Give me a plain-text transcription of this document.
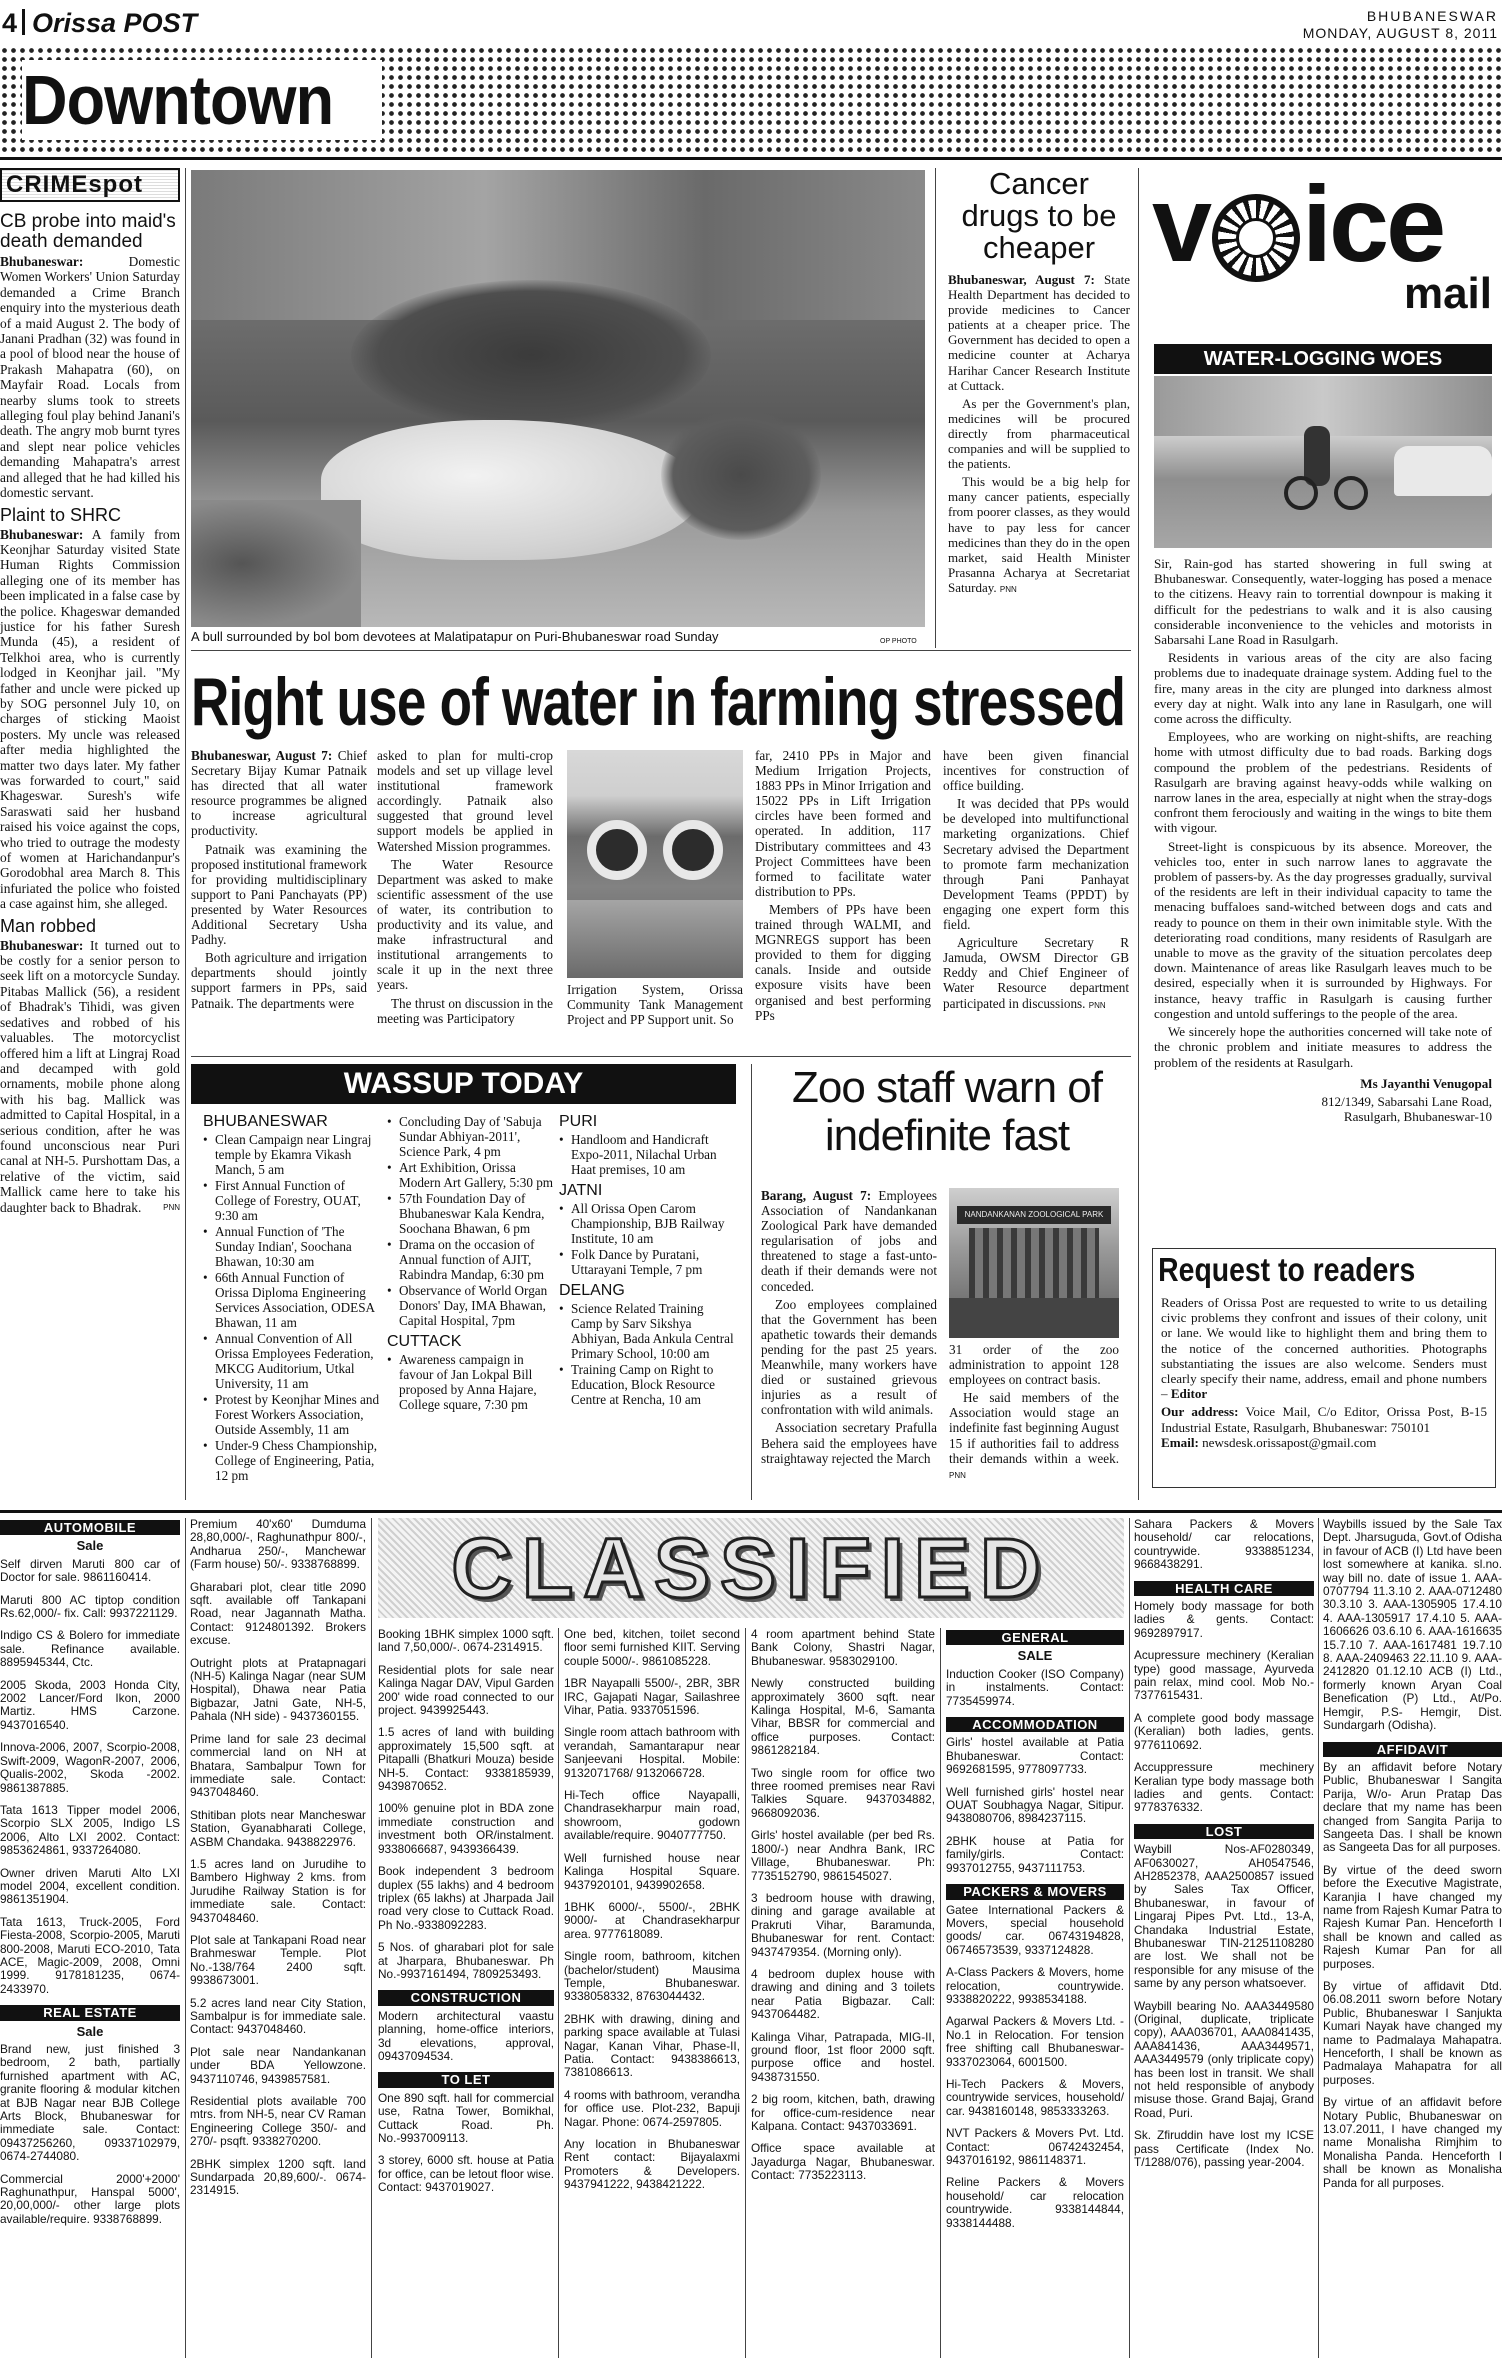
4 Orissa POST	BHUBANESWAR
MONDAY, AUGUST 8, 2011
Downtown
CRIMEspot
CB probe into maid's death demanded

Bhubaneswar:	Domestic Women Workers' Union Saturday demanded a Crime Branch enquiry into the mysterious death of a maid August 2. The body of Janani Pradhan (32) was found in a pool of blood near the house of Prakash Mahapatra (60), on Mayfair Road. Locals from nearby slums took to streets alleging foul play behind Janani's death. The angry mob burnt tyres and slept near police vehicles demanding Mahapatra's arrest and alleged that he had killed his domestic servant.

Plaint to SHRC

Bhubaneswar: A family from Keonjhar Saturday visited State Human Rights Commission alleging one of its member has been implicated in a false case by the police. Khageswar demanded justice for his father Suresh Munda (45), a resident of Telkhoi area, who is currently lodged in Keonjhar jail. "My father and uncle were picked up by SOG personnel July 10, on charges of sticking Maoist posters. My uncle was released after media highlighted the matter two days later. My father was forwarded to court," said Khageswar. Suresh's wife Saraswati said her husband raised his voice against the cops, who tried to outrage the modesty of women at Harichandanpur's Gorodobhal area March 8. This infuriated the police who foisted a case against him, she alleged.

Man robbed

Bhubaneswar: It turned out to be costly for a senior person to seek lift on a motorcycle Sunday. Pitabas Mallick (56), a resident of Bhadrak's Tihidi, was given sedatives and robbed of his valuables. The motorcyclist offered him a lift at Lingraj Road and decamped with gold ornaments, mobile phone along with his bag. Mallick was admitted to Capital Hospital, in a serious condition, after he was found unconscious near Puri canal at NH-5. Purshottam Das, a relative of the victim, said Mallick came here to take his daughter back to Bhadrak.	PNN

A bull surrounded by bol bom devotees at Malatipatapur on Puri-Bhubaneswar road Sunday	OP PHOTO
Cancer drugs to be cheaper

Bhubaneswar, August 7: State Health Department has decided to provide medicines to Cancer patients at a cheaper price. The Government has decided to open a medicine counter at Acharya Harihar Cancer Research Institute at Cuttack.

As per the Government's plan, medicines will be procured directly from pharmaceutical companies and will be supplied to the patients.

This would be a big help for many cancer patients, especially from poorer classes, as they would have to pay less for cancer medicines than they do in the open market, said Health Minister Prasanna Acharya at Secretariat Saturday. PNN

Right use of water in farming stressed

Bhubaneswar, August 7: Chief Secretary Bijay Kumar Patnaik has directed that all water resource programmes be aligned to increase agricultural productivity.

Patnaik was examining the proposed institutional framework for providing multidisciplinary support to Pani Panchayats (PP) presented by Water Resources Additional Secretary Usha Padhy.

Both agriculture and irrigation departments should jointly support farmers in PPs, said Patnaik. The departments were

asked to plan for multi-crop models and set up village level institutional framework accordingly. Patnaik also suggested that ground level support models be applied in Watershed Mission programmes.

The Water Resource Department was asked to make scientific assessment of the use of water, its contribution to productivity and its value, and make infrastructural and institutional arrangements to scale it up in the next three years.

The thrust on discussion in the meeting was Participatory

Irrigation System, Orissa Community Tank Management Project and PP Support unit. So

far, 2410 PPs in Major and Medium Irrigation Projects, 1883 PPs in Minor Irrigation and 15022 PPs in Lift Irrigation circles have been formed and operated. In addition, 117 Distributary committees and 43 Project Committees have been formed to facilitate water distribution to PPs.

Members of PPs have been trained through WALMI, and MGNREGS support has been provided to them for digging canals. Inside and outside exposure visits have been organised and best performing PPs

have been given financial incentives for construction of office building.

It was decided that PPs would be developed into multifunctional marketing organizations. Chief Secretary advised the Department to promote farm mechanization through Pani Panhayat Development Teams (PPDT) by engaging one expert form this field.

Agriculture Secretary R Jamuda, OWSM Director GB Reddy and Chief Engineer of Water Resource department participated in discussions. PNN

WASSUP TODAY
BHUBANESWAR
• Clean Campaign near Lingraj temple by Ekamra Vikash Manch, 5 am
• First Annual Function of College of Forestry, OUAT, 9:30 am
• Annual Function of 'The Sunday Indian', Soochana Bhawan, 10:30 am
• 66th Annual Function of Orissa Diploma Engineering Services Association, ODESA Bhawan, 11 am
• Annual Convention of All Orissa Employees Federation, MKCG Auditorium, Utkal University, 11 am
• Protest by Keonjhar Mines and Forest Workers Association, Outside Assembly, 11 am
• Under-9 Chess Championship, College of Engineering, Patia, 12 pm
• Concluding Day of 'Sabuja Sundar Abhiyan-2011', Science Park, 4 pm
• Art Exhibition, Orissa Modern Art Gallery, 5:30 pm
• 57th Foundation Day of Bhubaneswar Kala Kendra, Soochana Bhawan, 6 pm
• Drama on the occasion of Annual function of AJIT, Rabindra Mandap, 6:30 pm
• Observance of World Organ Donors' Day, IMA Bhawan, Capital Hospital, 7pm
CUTTACK
• Awareness campaign in favour of Jan Lokpal Bill proposed by Anna Hajare, College square, 7:30 pm
PURI
• Handloom and Handicraft Expo-2011, Nilachal Urban Haat premises, 10 am
JATNI
• All Orissa Open Carom Championship, BJB Railway Institute, 10 am
• Folk Dance by Puratani, Uttarayani Temple, 7 pm
DELANG
• Science Related Training Camp by Sarv Sikshya Abhiyan, Bada Ankula Central Primary School, 10:00 am
• Training Camp on Right to Education, Block Resource Centre at Rencha, 10 am
Zoo staff warn of indefinite fast

Barang, August 7: Employees Association of Nandankanan Zoological Park have demanded regularisation of jobs and threatened to stage a fast-unto-death if their demands were not conceded.

Zoo employees complained that the Government has been apathetic towards their demands pending for the past 25 years. Meanwhile, many workers have died or sustained grievous injuries as a result of confrontation with wild animals.

Association secretary Prafulla Behera said the employees have straightaway rejected the March

NANDANKANAN ZOOLOGICAL PARK

31 order of the zoo administration to appoint 128 employees on contract basis.

He said members of the Association would stage an indefinite fast beginning August 15 if authorities fail to address their demands within a week. PNN

v ice
mail
WATER-LOGGING WOES

Sir, Rain-god has started showering in full swing at Bhubaneswar. Consequently, water-logging has posed a menace to the citizens. Heavy rain to torrential downpour is making it difficult for the pedestrians to walk and it is also causing considerable inconvenience to the vehicles and motorists in Sabarsahi Lane Road in Rasulgarh.

Residents in various areas of the city are also facing problems due to inadequate drainage system. Adding fuel to the fire, many areas in the city are plunged into darkness almost every day at night. Walk into any lane in Rasulgarh, one will come across the difficulty.

Employees, who are working on night-shifts, are reaching home with utmost difficulty due to bad roads. Barking dogs compound the problem of the pedestrians. Residents of Rasulgarh are braving against heavy-odds while walking on narrow lanes in the area, especially at night when the stray-dogs confront them ferociously and waiting in the wings to bite them with vigour.

Street-light is conspicuous by its absence. Moreover, the vehicles too, enter in such narrow lanes to aggravate the problem of passers-by. As the day progresses gradually, survival of the residents are left in their individual capacity to tame the menacing buffaloes sand-witched between dogs and cats and ready to pounce on them in their own inimitable style. With the deteriorating road conditions, many residents of Rasulgarh are unable to move as the gravity of the situation percolates deep down. Maintenance of areas like Rasulgarh leaves much to be desired, especially when it is surrounded by Highways. For instance, heavy traffic in Rasulgarh is causing further congestion and untold sufferings to the people of the area.

We sincerely hope the authorities concerned will take note of the chronic problem and initiate measures to address the problem of the residents at Rasulgarh.

Ms Jayanthi Venugopal

812/1349, Sabarsahi Lane Road,

Rasulgarh, Bhubaneswar-10

Request to readers

Readers of Orissa Post are requested to write to us detailing civic problems they confront and issues of their colony, unit or lane. We would like to highlight them and bring them to the notice of the concerned authorities. Photographs substantiating the issues are also welcome. Senders must clearly specify their name, address, email and phone numbers – Editor

Our address: Voice Mail, C/o Editor, Orissa Post, B-15 Industrial Estate, Rasulgarh, Bhubaneswar: 750101

Email: newsdesk.orissapost@gmail.com

AUTOMOBILE
Sale

Self dirven Maruti 800 car of Doctor for sale. 9861160414.

Maruti 800 AC tiptop condition Rs.62,000/- fix. Call: 9937221129.

Indigo CS & Bolero for immediate sale. Refinance available. 8895945344, Ctc.

2005 Skoda, 2003 Honda City, 2002 Lancer/Ford Ikon, 2000 Martiz. HMS Carzone. 9437016540.

Innova-2006, 2007, Scorpio-2008, Swift-2009, WagonR-2007, 2006, Qualis-2002, Skoda -2002. 9861387885.

Tata 1613 Tipper model 2006, Scorpio SLX 2005, Indigo LS 2006, Alto LXI 2002. Contact: 9853624861, 9337264080.

Owner driven Maruti Alto LXI model 2004, excellent condition. 9861351904.

Tata 1613, Truck-2005, Ford Fiesta-2008, Scorpio-2005, Maruti 800-2008, Maruti ECO-2010, Tata ACE, Magic-2009, 2008, Omni 1999. 9178181235, 0674-2433970.

REAL ESTATE
Sale

Brand new, just finished 3 bedroom, 2 bath, partially furnished apartment with AC, granite flooring & modular kitchen at BJB Nagar near BJB College Arts Block, Bhubaneswar for immediate sale. Contact: 09437256260, 09337102979, 0674-2744080.

Commercial 2000'+2000' Raghunathpur, Hanspal 5000', 20,00,000/- other large plots available/require. 9338768899.

Premium 40'x60' Dumduma 28,80,000/-, Raghunathpur 800/-, Andharua 250/-, Manchewar (Farm house) 50/-. 9338768899.

Gharabari plot, clear title 2090 sqft. available off Tankapani Road, near Jagannath Matha. Contact: 9124801392. Brokers excuse.

Outright plots at Pratapnagari (NH-5) Kalinga Nagar (near SUM Hospital), Dhawa near Patia Bigbazar, Jatni Gate, NH-5, Pahala (NH side) - 9437360155.

Prime land for sale 23 decimal commercial land on NH at Bhatara, Sambalpur Town for immediate sale. Contact: 9437048460.

Sthitiban plots near Mancheswar Station, Gyanabharati College, ASBM Chandaka. 9438822976.

1.5 acres land on Jurudihe to Bambero Highway 2 kms. from Jurudihe Railway Station is for immediate sale. Contact: 9437048460.

Plot sale at Tankapani Road near Brahmeswar Temple. Plot No.-138/764 2400 sqft. 9938673001.

5.2 acres land near City Station, Sambalpur is for immediate sale. Contact: 9437048460.

Plot sale near Nandankanan under BDA Yellowzone. 9437110746, 9439857581.

Residential plots available 700 mtrs. from NH-5, near CV Raman Engineering College 350/- and 270/- psqft. 9338270200.

2BHK simplex 1200 sqft. land Sundarpada 20,89,600/-. 0674-2314915.

CLASSIFIED

Booking 1BHK simplex 1000 sqft. land 7,50,000/-. 0674-2314915.

Residential plots for sale near Kalinga Nagar DAV, Vipul Garden 200' wide road connected to our project. 9439925443.

1.5 acres of land with building approximately 15,500 sqft. at Pitapalli (Bhatkuri Mouza) beside NH-5. Contact: 9338185939, 9439870652.

100% genuine plot in BDA zone immediate construction and investment both OR/instalment. 9338066687, 9439366439.

Book independent 3 bedroom duplex (55 lakhs) and 4 bedroom triplex (65 lakhs) at Jharpada Jail road very close to Cuttack Road. Ph No.-9338092283.

5 Nos. of gharabari plot for sale at Jharpara, Bhubaneswar. Ph No.-9937161494, 7809253493.

CONSTRUCTION

Modern architectural vaastu planning, home-office interiors, 3d elevations, approval, 09437094534.

TO LET

One 890 sqft. hall for commercial use, Ratna Tower, Bomikhal, Cuttack Road. Ph. No.-9937009113.

3 storey, 6000 sft. house at Patia for office, can be letout floor wise. Contact: 9437019027.

One bed, kitchen, toilet second floor semi furnished KIIT. Serving couple 5000/-. 9861085228.

1BR Nayapalli 5500/-, 2BR, 3BR IRC, Gajapati Nagar, Sailashree Vihar, Patia. 9337051596.

Single room attach bathroom with verandah, Samantarapur near Sanjeevani Hospital. Mobile: 9132071768/ 9132066728.

Hi-Tech office Nayapalli, Chandrasekharpur main road, showroom, godown available/require. 9040777750.

Well furnished house near Kalinga Hospital Square. 9437920101, 9439902658.

1BHK 6000/-, 5500/-, 2BHK 9000/- at Chandrasekharpur area. 9777618089.

Single room, bathroom, kitchen (bachelor/student) Mausima Temple, Bhubaneswar. 9338058332, 8763044432.

2BHK with drawing, dining and parking space available at Tulasi Nagar, Kanan Vihar, Phase-II, Patia. Contact: 9438386613, 7381086613.

4 rooms with bathroom, verandha for office use. Plot-232, Bapuji Nagar. Phone: 0674-2597805.

Any location in Bhubaneswar Rent contact: Bijayalaxmi Promoters & Developers. 9437941222, 9438421222.

4 room apartment behind State Bank Colony, Shastri Nagar, Bhubaneswar. 9583029100.

Newly constructed building approximately 3600 sqft. near Kalinga Hospital, M-6, Samanta Vihar, BBSR for commercial and office purposes. Contact: 9861282184.

Two single room for office two three roomed premises near Ravi Talkies Square. 9437034882, 9668092036.

Girls' hostel available (per bed Rs. 1800/-) near Andhra Bank, IRC Village, Bhubaneswar. Ph: 7735152790, 9861545027.

3 bedroom house with drawing, dining and garage available at Prakruti Vihar, Baramunda, Bhubaneswar for rent. Contact: 9437479354. (Morning only).

4 bedroom duplex house with drawing and dining and 3 toilets near Patia Bigbazar. Call: 9437064482.

Kalinga Vihar, Patrapada, MIG-II, ground floor, 1st floor 2000 sqft. purpose office and hostel. 9438731550.

2 big room, kitchen, bath, drawing for office-cum-residence near Kalpana. Contact: 9437033691.

Office space available at Jayadurga Nagar, Bhubaneswar. Contact: 7735223113.

GENERAL
SALE

Induction Cooker (ISO Company) in instalments. Contact: 7735459974.

ACCOMMODATION

Girls' hostel available at Patia Bhubaneswar. Contact: 9692681595, 9778097733.

Well furnished girls' hostel near OUAT Soubhagya Nagar, Sitipur. 9438080706, 8984237115.

2BHK house at Patia for family/girls. Contact: 9937012755, 9437111753.

PACKERS & MOVERS

Gatee International Packers & Movers, special household goods/ car. 06743194828, 06746573539, 9337124828.

A-Class Packers & Movers, home relocation, countrywide. 9338820222, 9938534188.

Agarwal Packers & Movers Ltd. - No.1 in Relocation. For tension free shifting call Bhubaneswar-9337023064, 6001500.

Hi-Tech Packers & Movers, countrywide services, household/ car. 9438160148, 9853333263.

NVT Packers & Movers Pvt. Ltd. Contact: 06742432454, 9437016192, 9861148371.

Reline Packers & Movers household/ car relocation countrywide. 9338144844, 9338144488.

Sahara Packers & Movers household/ car relocations, countrywide. 9338851234, 9668438291.

HEALTH CARE

Homely body massage for both ladies & gents. Contact: 9692897917.

Acupressure mechinery (Keralian type) good massage, Ayurveda pain relax, mind cool. Mob No.- 7377615431.

A complete good body massage (Keralian) both ladies, gents. 9776110692.

Accuppressure mechinery Keralian type body massage both ladies and gents. Contact: 9778376332.

LOST

Waybill Nos-AF0280349, AF0630027, AH0547546, AH2852378, AAA2500857 issued by Sales Tax Officer, Bhubaneswar, in favour of Lingaraj Pipes Pvt. Ltd., 13-A, Chandaka Industrial Estate, Bhubaneswar TIN-21251108280 are lost. We shall not be responsible for any misuse of the same by any person whatsoever.

Waybill bearing No. AAA3449580 (Original, duplicate, triplicate copy), AAA036701, AAA0841435, AAA841436, AAA3449571, AAA3449579 (only triplicate copy) has been lost in transit. We shall not held responsible of anybody misuse those. Grand Bajaj, Grand Road, Puri.

Sk. Zfiruddin have lost my ICSE pass Certificate (Index No. T/1288/076), passing year-2004.

Waybills issued by the Sale Tax Dept. Jharsuguda, Govt.of Odisha in favour of ACB (I) Ltd have been lost somewhere at kanika. sl.no. way bill no. date of issue 1. AAA-0707794 11.3.10 2. AAA-0712480 30.3.10 3. AAA-1305905 17.4.10 4. AAA-1305917 17.4.10 5. AAA-1606626 03.6.10 6. AAA-1616635 15.7.10 7. AAA-1617481 19.7.10 8. AAA-2409463 22.11.10 9. AAA-2412820 01.12.10 ACB (I) Ltd., formerly known Aryan Coal Benefication (P) Ltd., At/Po. Hemgir, P.S- Hemgir, Dist. Sundargarh (Odisha).

AFFIDAVIT

By an affidavit before Notary Public, Bhubaneswar I Sangita Parija, W/o- Arun Pratap Das declare that my name has been changed from Sangita Parija to Sangeeta Das. I shall be known as Sangeeta Das for all purposes.

By virtue of the deed sworn before the Executive Magistrate, Karanjia I have changed my name from Rajesh Kumar Patra to Rajesh Kumar Pan. Henceforth I shall be known and called as Rajesh Kumar Pan for all purposes.

By virtue of affidavit Dtd. 06.08.2011 sworn before Notary Public, Bhubaneswar I Sanjukta Kumari Nayak have changed my name to Padmalaya Mahapatra. Henceforth, I shall be known as Padmalaya Mahapatra for all purposes.

By virtue of an affidavit before Notary Public, Bhubaneswar on 13.07.2011, I have changed my name Monalisha Rimjhim to Monalisha Panda. Henceforth I shall be known as Monalisha Panda for all purposes.
